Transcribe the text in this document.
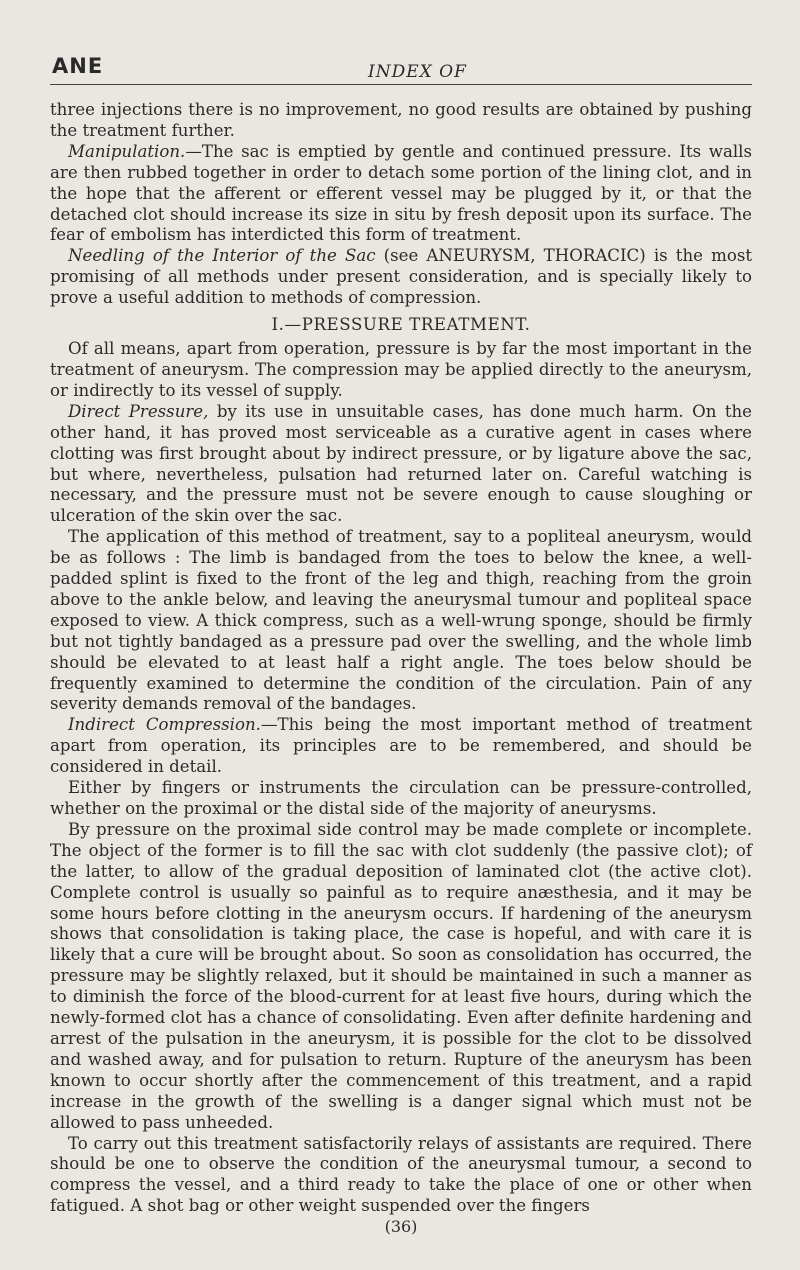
ANE	INDEX OF

three injections there is no improvement, no good results are obtained by pushing the treatment further.

Manipulation.—The sac is emptied by gentle and continued pressure. Its walls are then rubbed together in order to detach some portion of the lining clot, and in the hope that the afferent or efferent vessel may be plugged by it, or that the detached clot should increase its size in situ by fresh deposit upon its surface. The fear of embolism has interdicted this form of treatment.

Needling of the Interior of the Sac (see ANEURYSM, THORACIC) is the most promising of all methods under present consideration, and is specially likely to prove a useful addition to methods of compression.

I.—PRESSURE TREATMENT.

Of all means, apart from operation, pressure is by far the most important in the treatment of aneurysm. The compression may be applied directly to the aneurysm, or indirectly to its vessel of supply.

Direct Pressure, by its use in unsuitable cases, has done much harm. On the other hand, it has proved most serviceable as a curative agent in cases where clotting was first brought about by indirect pressure, or by ligature above the sac, but where, nevertheless, pulsation had returned later on. Careful watching is necessary, and the pressure must not be severe enough to cause sloughing or ulceration of the skin over the sac.

The application of this method of treatment, say to a popliteal aneurysm, would be as follows : The limb is bandaged from the toes to below the knee, a well-padded splint is fixed to the front of the leg and thigh, reaching from the groin above to the ankle below, and leaving the aneurysmal tumour and popliteal space exposed to view. A thick compress, such as a well-wrung sponge, should be firmly but not tightly bandaged as a pressure pad over the swelling, and the whole limb should be elevated to at least half a right angle. The toes below should be frequently examined to determine the condition of the circulation. Pain of any severity demands removal of the bandages.

Indirect Compression.—This being the most important method of treatment apart from operation, its principles are to be remembered, and should be considered in detail.

Either by fingers or instruments the circulation can be pressure-controlled, whether on the proximal or the distal side of the majority of aneurysms.

By pressure on the proximal side control may be made complete or incomplete. The object of the former is to fill the sac with clot suddenly (the passive clot); of the latter, to allow of the gradual deposition of laminated clot (the active clot). Complete control is usually so painful as to require anæsthesia, and it may be some hours before clotting in the aneurysm occurs. If hardening of the aneurysm shows that consolidation is taking place, the case is hopeful, and with care it is likely that a cure will be brought about. So soon as consolidation has occurred, the pressure may be slightly relaxed, but it should be maintained in such a manner as to diminish the force of the blood-current for at least five hours, during which the newly-formed clot has a chance of consolidating. Even after definite hardening and arrest of the pulsation in the aneurysm, it is possible for the clot to be dissolved and washed away, and for pulsation to return. Rupture of the aneurysm has been known to occur shortly after the commencement of this treatment, and a rapid increase in the growth of the swelling is a danger signal which must not be allowed to pass unheeded.

To carry out this treatment satisfactorily relays of assistants are required. There should be one to observe the condition of the aneurysmal tumour, a second to compress the vessel, and a third ready to take the place of one or other when fatigued. A shot bag or other weight suspended over the fingers

(36)
